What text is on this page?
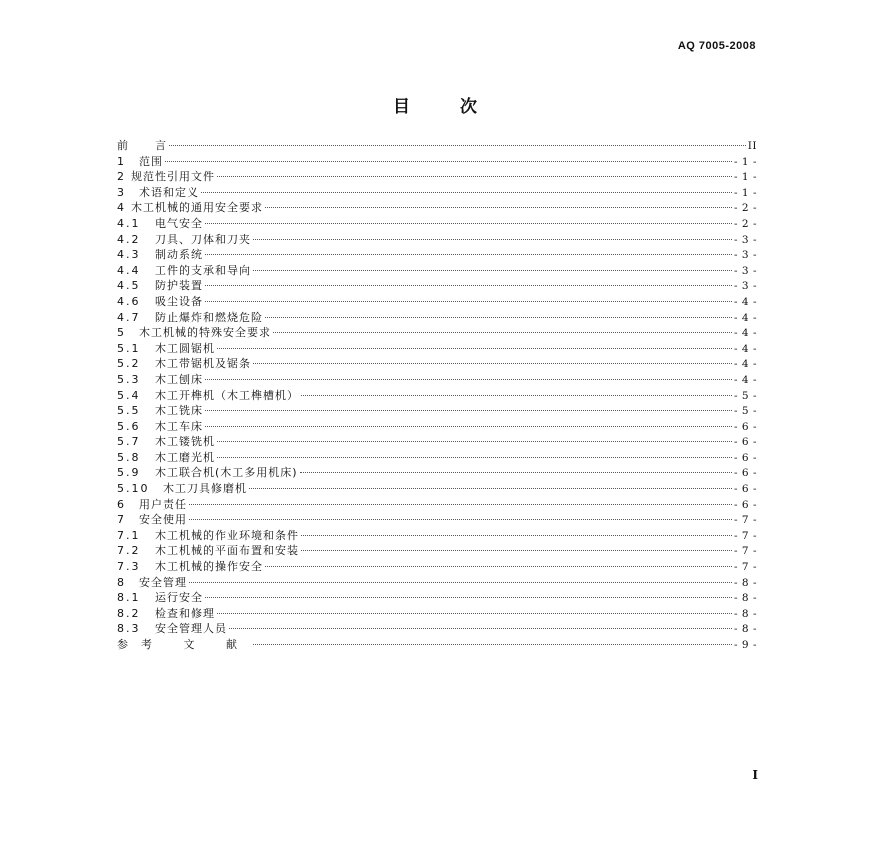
AQ 7005-2008
目 次
前	言	II
1	范围	- 1 -
2 规范性引用文件	- 1 -
3	术语和定义	- 1 -
4 木工机械的通用安全要求	- 2 -
4.1	电气安全	- 2 -
4.2	刀具、刀体和刀夹	- 3 -
4.3	制动系统	- 3 -
4.4	工件的支承和导向	- 3 -
4.5	防护装置	- 3 -
4.6	吸尘设备	- 4 -
4.7	防止爆炸和燃烧危险	- 4 -
5	木工机械的特殊安全要求	- 4 -
5.1	木工圆锯机	- 4 -
5.2	木工带锯机及锯条	- 4 -
5.3	木工刨床	- 4 -
5.4	木工开榫机（木工榫槽机）	- 5 -
5.5	木工铣床	- 5 -
5.6	木工车床	- 6 -
5.7	木工镂铣机	- 6 -
5.8	木工磨光机	- 6 -
5.9	木工联合机(木工多用机床)	- 6 -
5.10	木工刀具修磨机	- 6 -
6	用户责任	- 6 -
7	安全使用	- 7 -
7.1	木工机械的作业环境和条件	- 7 -
7.2	木工机械的平面布置和安装	- 7 -
7.3	木工机械的操作安全	- 7 -
8	安全管理	- 8 -
8.1	运行安全	- 8 -
8.2	检查和修理	- 8 -
8.3	安全管理人员	- 8 -
参	考 文 献	- 9 -
I
